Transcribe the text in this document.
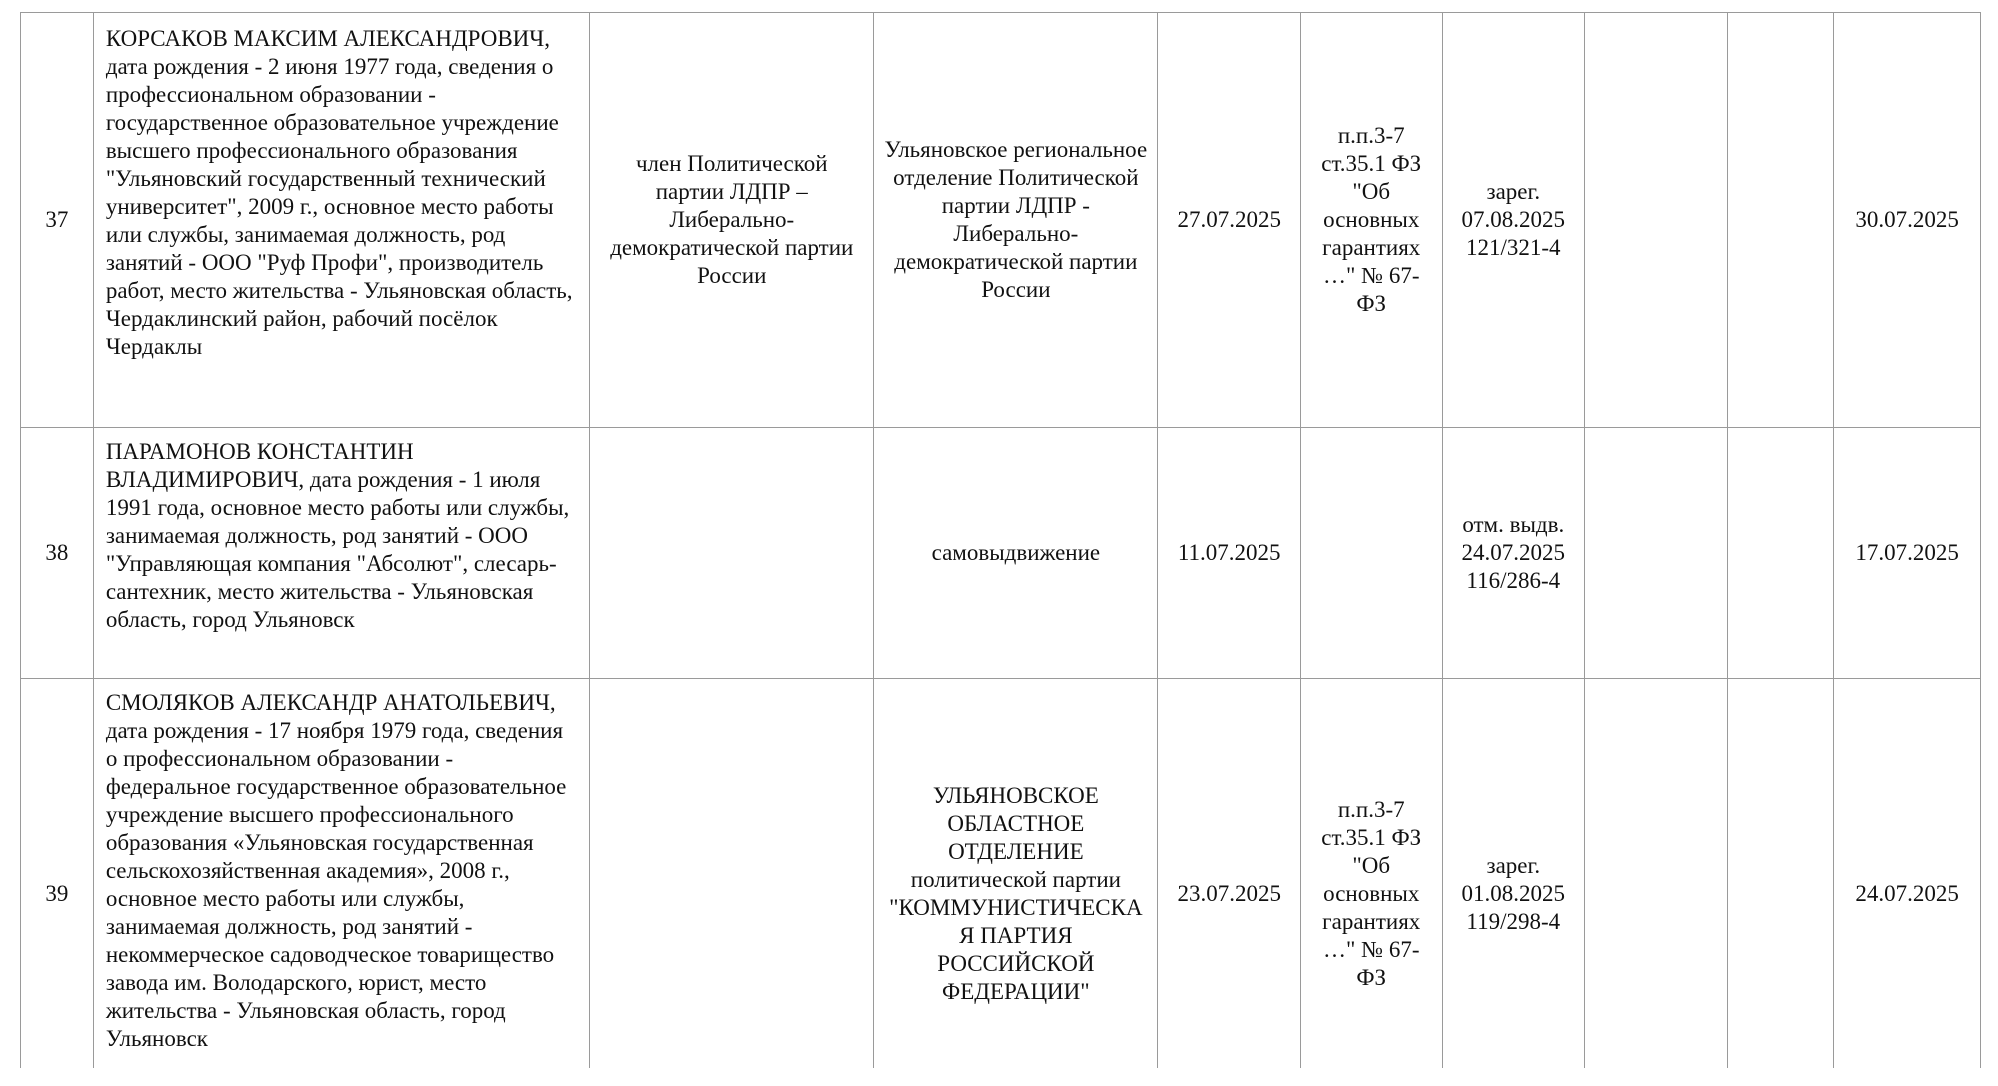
37	КОРСАКОВ МАКСИМ АЛЕКСАНДРОВИЧ, дата рождения - 2 июня 1977 года, сведения о профессиональном образовании - государственное образовательное учреждение высшего профессионального образования "Ульяновский государственный технический университет", 2009 г., основное место работы или службы, занимаемая должность, род занятий - ООО "Руф Профи", производитель работ, место жительства - Ульяновская область, Чердаклинский район, рабочий посёлок Чердаклы	член Политической партии ЛДПР – Либерально-демократической партии России	Ульяновское региональное отделение Политической партии ЛДПР - Либерально-демократической партии России	27.07.2025	п.п.3-7 ст.35.1 ФЗ "Об основных гарантиях …" № 67-ФЗ	зарег. 07.08.2025 121/321-4			30.07.2025
38	ПАРАМОНОВ КОНСТАНТИН ВЛАДИМИРОВИЧ, дата рождения - 1 июля 1991 года, основное место работы или службы, занимаемая должность, род занятий - ООО "Управляющая компания "Абсолют", слесарь-сантехник, место жительства - Ульяновская область, город Ульяновск		самовыдвижение	11.07.2025		отм. выдв. 24.07.2025 116/286-4			17.07.2025
39	СМОЛЯКОВ АЛЕКСАНДР АНАТОЛЬЕВИЧ, дата рождения - 17 ноября 1979 года, сведения о профессиональном образовании - федеральное государственное образовательное учреждение высшего профессионального образования «Ульяновская государственная сельскохозяйственная академия», 2008 г., основное место работы или службы, занимаемая должность, род занятий - некоммерческое садоводческое товарищество завода им. Володарского, юрист, место жительства - Ульяновская область, город Ульяновск		УЛЬЯНОВСКОЕ ОБЛАСТНОЕ ОТДЕЛЕНИЕ политической партии "КОММУНИСТИЧЕСКАЯ ПАРТИЯ РОССИЙСКОЙ ФЕДЕРАЦИИ"	23.07.2025	п.п.3-7 ст.35.1 ФЗ "Об основных гарантиях …" № 67-ФЗ	зарег. 01.08.2025 119/298-4			24.07.2025
